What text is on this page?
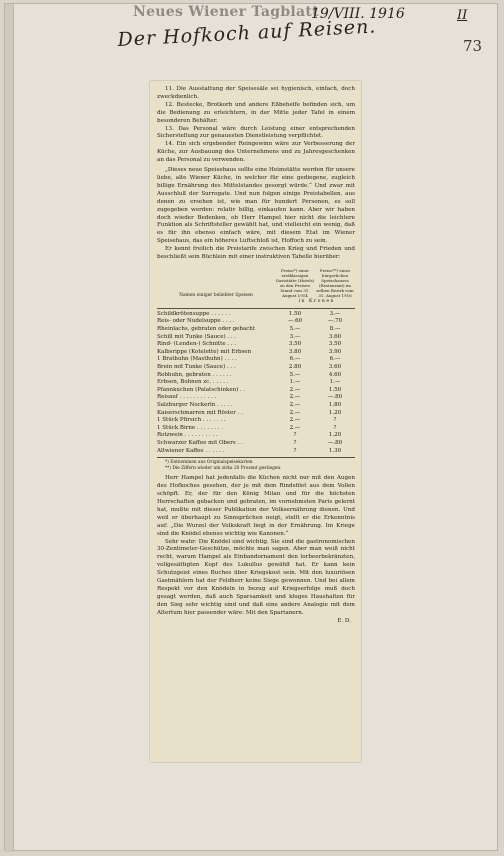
Neues Wiener Tagblatt
19/VIII. 1916	II
Der Hofkoch auf Reisen.	73

11. Die Ausstattung der Speisesäle sei hygienisch, einfach, doch zweckdienlich.

12. Bestecke, Brotkorb und andere Eßbehelfe befinden sich, um die Bedienung zu erleichtern, in der Mitte jeder Tafel in einem besonderen Behälter.

13. Das Personal wäre durch Leistung einer entsprechenden Sicherstellung zur genauesten Dienstleistung verpflichtet.

14. Ein sich ergebender Reingewinn wäre zur Verbesserung der Küche, zur Ausbauung des Unternehmens und zu Jahresgeschenken an das Personal zu verwenden.

„Dieses neue Speisehaus sollte eine Heimstätte werden für unsere liebe, alte Wiener Küche, in welcher für eine gediegene, zugleich billige Ernährung des Mittelstandes gesorgt würde.“ Und zwar mit Ausschluß der Surrogate. Und nun folgen einige Preistabellen, aus denen zu ersehen ist, wie man für hundert Personen, es soll zugegeben werden: relativ billig, einkaufen kann. Aber wir haben doch wieder Bedenken, ob Herr Hampel hier nicht die leichtere Funktion als Schriftsteller gewählt hat, und vielleicht ein wenig, daß es für ihn ebenso einfach wäre, mit diesem Etat im Wiener Speisehaus, das ein höheres Luftschloß ist, Hoffoch zu sein.

Er kennt freilich die Preistarife zwischen Krieg und Frieden und beschließt sein Büchlein mit einer instruktiven Tabelle hierüber:

Namen einiger beliebter Speisen
Preise*) einer erstklassigen Gaststätte (Hotels) zu den Preisen Stand vom 31. August 1914
Preise**) eines bürgerlichen Speisehauses (Restaurant) im selben Bezirk vom 31. August 1916
in Kronen
Schildkrötensuppe . . . . . .	1.50	3.—
Reis- oder Nudelsuppe . . . .	—.60	—.70
Rheinlachs, gebraten oder gebacht	5.—	8.—
Schill mit Tunke (Sauce) . . .	3.—	3.60
Rind- (Lenden-) Schnitte . . .	3.50	3.50
Kalbsrippe (Kotelette) mit Erbsen	3.80	3.90
1 Brathuhn (Masthuhn) . . . .	6.—	6.—
Brein mit Tunke (Sauce) . . .	2.80	3.60
Rebhuhn, gebraten . . . . . .	5.—	4.60
Erbsen, Bohnen zc. . . . . .	1.—	1.—
Pfannkuchen (Palatschinken) . .	2.—	1.50
Reisauf . . . . . . . . . . .	2.—	—.80
Salzburger Nockerln . . . . .	2.—	1.80
Kaiserschmarren mit Röster . .	2.—	1.20
1 Stück Pfirsich . . . . . . .	2.—	?
1 Stück Birne . . . . . . . .	2.—	?
Rotzwein . . . . . . . . . .	?	1.20
Schwarzer Kaffee mit Obers . .	?	—.80
Altwiener Kaffee . . . . . .	?	1.30

*) Entnommen aus Originalspeisekarten.

**) Die Ziffern wieder um zirka 20 Prozent gestiegen.

Herr Hampel hat jedenfalls die Küchen nicht nur mit den Augen des Hofkoches gesehen, der je mit dem Rindsfilet aus dem Vollen schöpft. Er, der für den König Milan und für die höchsten Herrschaften gebacken und gebraten, im vornehmsten Paris gelernt hat, mußte mit dieser Publikation der Volksernährung dienen. Und weil er überhaupt zu Sinnsprüchen neigt, stellt er die Erkenntnis auf: „Die Wurzel der Volkskraft liegt in der Ernährung. Im Kriege sind die Knödel ebenso wichtig wie Kanonen.“

Sehr wahr: Die Knödel sind wichtig. Sie sind die gastronomischen 30-Zentimeter-Geschütze, möchte man sagen. Aber man weiß nicht recht, warum Hampel als Einbandornament den lorbeerbekränzten, vollgesättigten Kopf des Lukullus gewählt hat. Er kann kein Schutzgeist eines Buches über Kriegskost sein. Mit den luxuriösen Gastmählern hat der Feldherr keine Siege gewonnen. Und bei allem Respekt vor den Knödeln in bezug auf Kriegserfolge muß doch gesagt werden, daß auch Sparsamkeit und kluges Haushalten für den Sieg sehr wichtig sind und daß eine andere Analogie mit dem Altertum hier passender wäre: Mit den Spartanern.

E. D.
